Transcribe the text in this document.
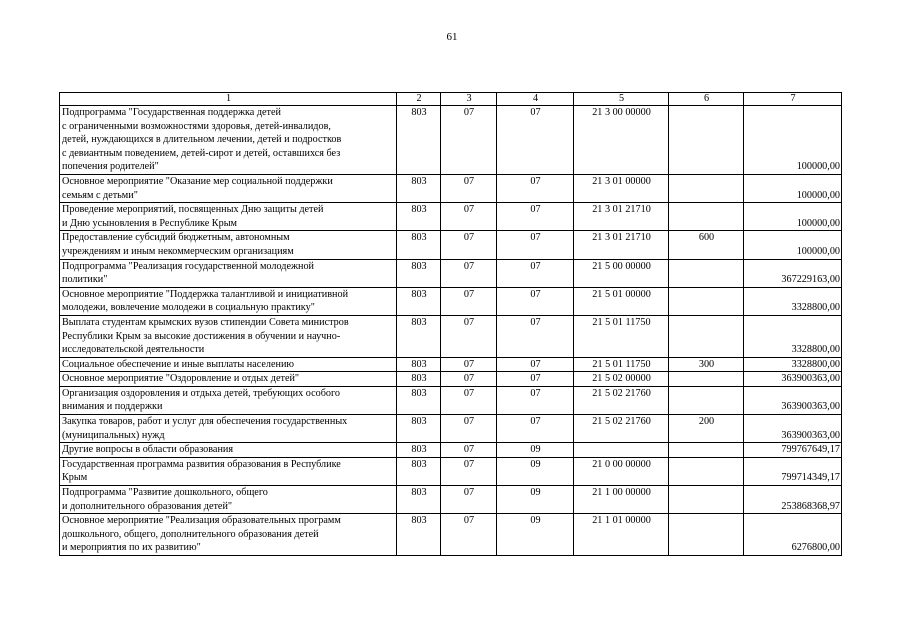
61
1	2	3	4	5	6	7
Подпрограмма "Государственная поддержка детей
с ограниченными возможностями здоровья, детей-инвалидов,
детей, нуждающихся в длительном лечении, детей и подростков
с девиантным поведением, детей-сирот и детей, оставшихся без
попечения родителей"	803	07	07	21 3 00 00000		100000,00
Основное мероприятие "Оказание мер социальной поддержки
семьям с детьми"	803	07	07	21 3 01 00000		100000,00
Проведение мероприятий, посвященных Дню защиты детей
и Дню усыновления в Республике Крым	803	07	07	21 3 01 21710		100000,00
Предоставление субсидий бюджетным, автономным
учреждениям и иным некоммерческим организациям	803	07	07	21 3 01 21710	600	100000,00
Подпрограмма "Реализация государственной молодежной
политики"	803	07	07	21 5 00 00000		367229163,00
Основное мероприятие "Поддержка талантливой и инициативной
молодежи, вовлечение молодежи в социальную практику"	803	07	07	21 5 01 00000		3328800,00
Выплата студентам крымских вузов стипендии Совета министров
Республики Крым за высокие достижения в обучении и научно-
исследовательской деятельности	803	07	07	21 5 01 11750		3328800,00
Социальное обеспечение и иные выплаты населению	803	07	07	21 5 01 11750	300	3328800,00
Основное мероприятие "Оздоровление и отдых детей"	803	07	07	21 5 02 00000		363900363,00
Организация оздоровления и отдыха детей, требующих особого
внимания и поддержки	803	07	07	21 5 02 21760		363900363,00
Закупка товаров, работ и услуг для обеспечения государственных
(муниципальных) нужд	803	07	07	21 5 02 21760	200	363900363,00
Другие вопросы в области образования	803	07	09			799767649,17
Государственная программа развития образования в Республике
Крым	803	07	09	21 0 00 00000		799714349,17
Подпрограмма "Развитие дошкольного, общего
и дополнительного образования детей"	803	07	09	21 1 00 00000		253868368,97
Основное мероприятие "Реализация образовательных программ
дошкольного, общего, дополнительного образования детей
и мероприятия по их развитию"	803	07	09	21 1 01 00000		6276800,00
